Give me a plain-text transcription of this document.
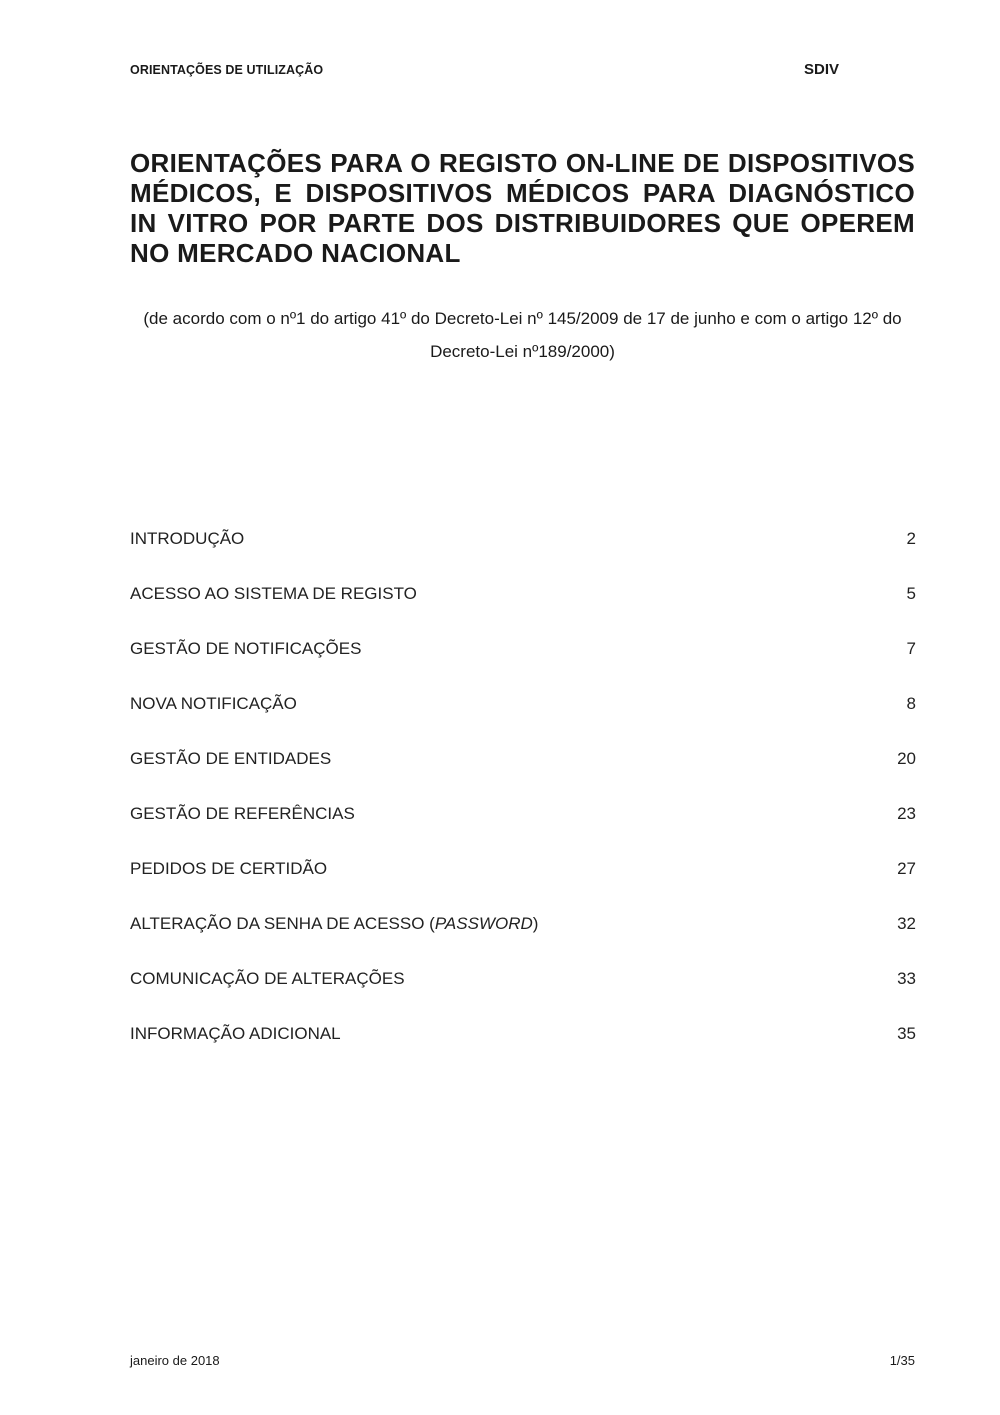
ORIENTAÇÕES DE UTILIZAÇÃO	SDIV
ORIENTAÇÕES PARA O REGISTO ON-LINE DE DISPOSITIVOS MÉDICOS, E DISPOSITIVOS MÉDICOS PARA DIAGNÓSTICO IN VITRO POR PARTE DOS DISTRIBUIDORES QUE OPEREM NO MERCADO NACIONAL

(de acordo com o nº1 do artigo 41º do Decreto-Lei nº 145/2009 de 17 de junho e com o artigo 12º do Decreto-Lei nº189/2000)

INTRODUÇÃO	2
ACESSO AO SISTEMA DE REGISTO	5
GESTÃO DE NOTIFICAÇÕES	7
NOVA NOTIFICAÇÃO	8
GESTÃO DE ENTIDADES	20
GESTÃO DE REFERÊNCIAS	23
PEDIDOS DE CERTIDÃO	27
ALTERAÇÃO DA SENHA DE ACESSO (PASSWORD)	32
COMUNICAÇÃO DE ALTERAÇÕES	33
INFORMAÇÃO ADICIONAL	35
janeiro de 2018	1/35
